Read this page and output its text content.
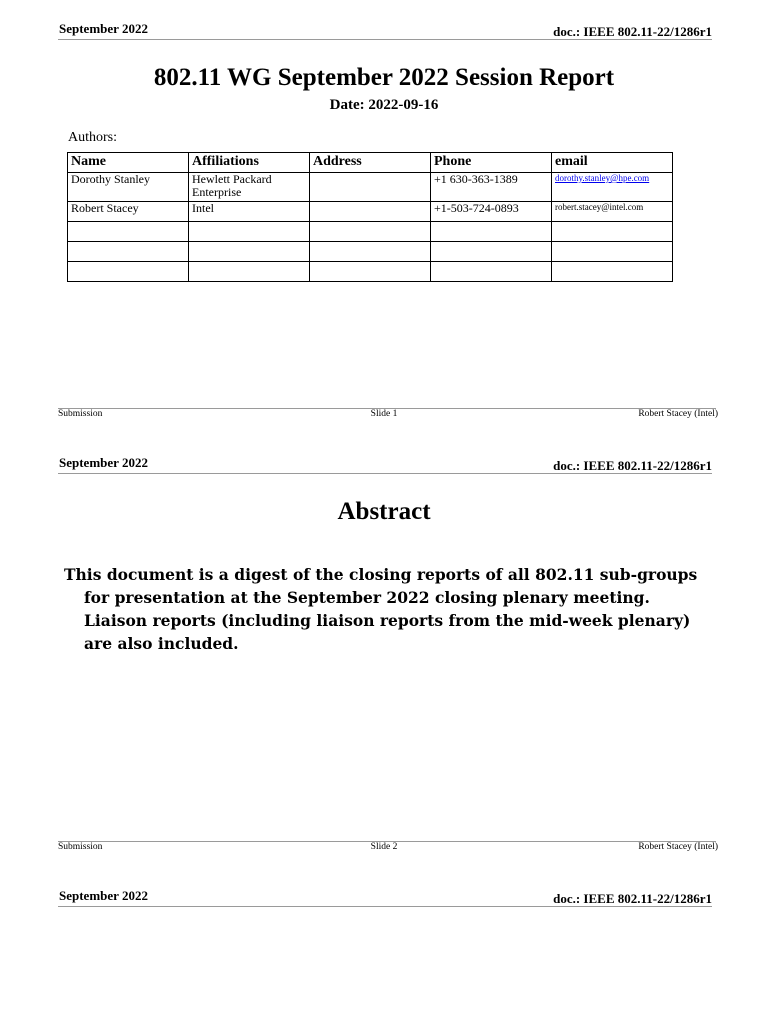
September 2022	doc.: IEEE 802.11-22/1286r1
802.11 WG September 2022 Session Report
Date: 2022-09-16
Authors:
Name	Affiliations	Address	Phone	email
Dorothy Stanley	Hewlett Packard Enterprise		+1 630-363-1389	dorothy.stanley@hpe.com
Robert Stacey	Intel		+1-503-724-0893	robert.stacey@intel.com

Submission	Slide 1	Robert Stacey (Intel)
September 2022	doc.: IEEE 802.11-22/1286r1
Abstract
This document is a digest of the closing reports of all 802.11 sub-groups for presentation at the September 2022 closing plenary meeting. Liaison reports (including liaison reports from the mid-week plenary) are also included.
Submission	Slide 2	Robert Stacey (Intel)
September 2022	doc.: IEEE 802.11-22/1286r1
